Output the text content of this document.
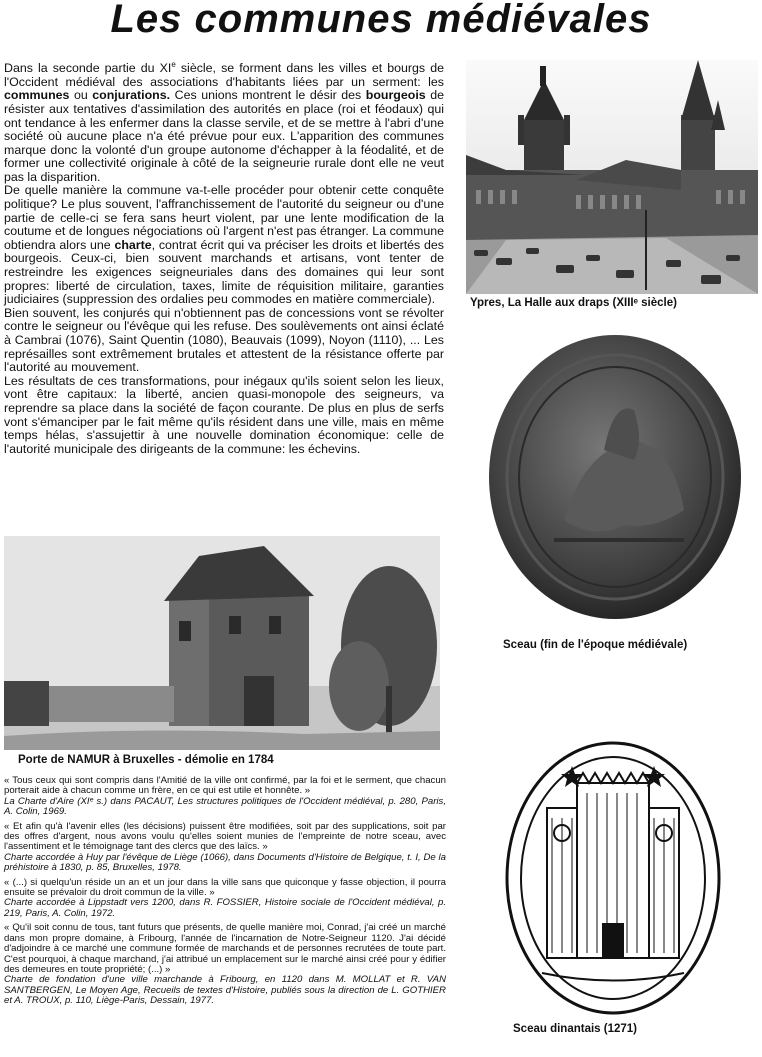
Les communes médiévales

Dans la seconde partie du XIe siècle, se forment dans les villes et bourgs de l'Occident médiéval des associations d'habitants liées par un serment: les communes ou conjurations. Ces unions montrent le désir des bourgeois de résister aux tentatives d'assimilation des autorités en place (roi et féodaux) qui ont tendance à les enfermer dans la classe servile, et de se mettre à l'abri d'une société où aucune place n'a été prévue pour eux. L'apparition des communes marque donc la volonté d'un groupe autonome d'échapper à la féodalité, et de former une collectivité originale à côté de la seigneurie rurale dont elle ne veut pas la disparition.

De quelle manière la commune va-t-elle procéder pour obtenir cette conquête politique? Le plus souvent, l'affranchissement de l'autorité du seigneur ou d'une partie de celle-ci se fera sans heurt violent, par une lente modification de la coutume et de longues négociations où l'argent n'est pas étranger. La commune obtiendra alors une charte, contrat écrit qui va préciser les droits et libertés des bourgeois. Ceux-ci, bien souvent marchands et artisans, vont tenter de restreindre les exigences seigneuriales dans des domaines qui leur sont propres: liberté de circulation, taxes, limite de réquisition militaire, garanties judiciaires (suppression des ordalies peu commodes en matière commerciale).

Bien souvent, les conjurés qui n'obtiennent pas de concessions vont se révolter contre le seigneur ou l'évêque qui les refuse. Des soulèvements ont ainsi éclaté à Cambrai (1076), Saint Quentin (1080), Beauvais (1099), Noyon (1110), ... Les représailles sont extrêmement brutales et attestent de la résistance offerte par l'autorité au mouvement.

Les résultats de ces transformations, pour inégaux qu'ils soient selon les lieux, vont être capitaux: la liberté, ancien quasi-monopole des seigneurs, va reprendre sa place dans la société de façon courante. De plus en plus de serfs vont s'émanciper par le fait même qu'ils résident dans une ville, mais en même temps hélas, s'assujettir à une nouvelle domination économique: celle de l'autorité municipale des dirigeants de la commune: les échevins.

Ypres, La Halle aux draps (XIIIᵉ siècle)
Sceau (fin de l'époque médiévale)
Porte de NAMUR à Bruxelles - démolie en 1784
Sceau dinantais (1271)

« Tous ceux qui sont compris dans l'Amitié de la ville ont confirmé, par la foi et le serment, que chacun porterait aide à chacun comme un frère, en ce qui est utile et honnête. »

La Charte d'Aire (XIᵉ s.) dans PACAUT, Les structures politiques de l'Occident médiéval, p. 280, Paris, A. Colin, 1969.

« Et afin qu'à l'avenir elles (les décisions) puissent être modifiées, soit par des supplications, soit par des offres d'argent, nous avons voulu qu'elles soient munies de l'empreinte de notre sceau, avec l'assentiment et le témoignage tant des clercs que des laïcs. »

Charte accordée à Huy par l'évêque de Liège (1066), dans Documents d'Histoire de Belgique, t. I, De la préhistoire à 1830, p. 85, Bruxelles, 1978.

« (...) si quelqu'un réside un an et un jour dans la ville sans que quiconque y fasse objection, il pourra ensuite se prévaloir du droit commun de la ville. »

Charte accordée à Lippstadt vers 1200, dans R. FOSSIER, Histoire sociale de l'Occident médiéval, p. 219, Paris, A. Colin, 1972.

« Qu'il soit connu de tous, tant futurs que présents, de quelle manière moi, Conrad, j'ai créé un marché dans mon propre domaine, à Fribourg, l'année de l'incarnation de Notre-Seigneur 1120. J'ai décidé d'adjoindre à ce marché une commune formée de marchands et de personnes recrutées de toute part. C'est pourquoi, à chaque marchand, j'ai attribué un emplacement sur le marché ainsi créé pour y édifier des demeures en toute propriété; (...) »

Charte de fondation d'une ville marchande à Fribourg, en 1120 dans M. MOLLAT et R. VAN SANTBERGEN, Le Moyen Age, Recueils de textes d'Histoire, publiés sous la direction de L. GOTHIER et A. TROUX, p. 110, Liège-Paris, Dessain, 1977.
